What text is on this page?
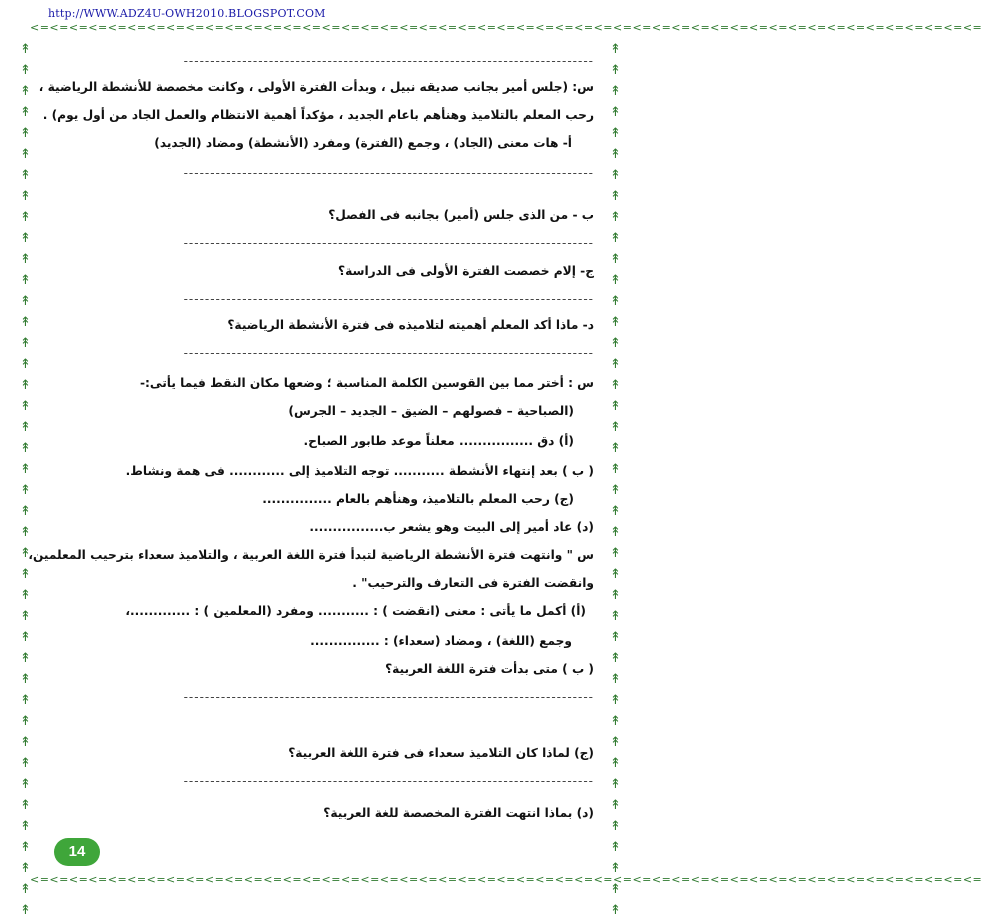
http://WWW.ADZ4U-OWH2010.BLOGSPOT.COM
<=<=<=<=<=<=<=<=<=<=<=<=<=<=<=<=<=<=<=<=<=<=<=<=<=<=<=<=<=<=<=<=<=<=<=<=<=<=<=<=<=<=<=<=<=<=<=<=<=
<=<=<=<=<=<=<=<=<=<=<=<=<=<=<=<=<=<=<=<=<=<=<=<=<=<=<=<=<=<=<=<=<=<=<=<=<=<=<=<=<=<=<=<=<=<=<=<=<=
↟↟↟↟↟↟↟↟↟↟↟↟↟↟↟↟↟↟↟↟↟↟↟↟↟↟↟↟↟↟↟↟↟↟↟↟↟↟↟↟↟↟	↟↟↟↟↟↟↟↟↟↟↟↟↟↟↟↟↟↟↟↟↟↟↟↟↟↟↟↟↟↟↟↟↟↟↟↟↟↟↟↟↟↟
-----------------------------------------------------------------------------
س: (جلس أمير بجانب صديقه نبيل ، وبدأت الفترة الأولى ، وكانت مخصصة للأنشطة الرياضية ،
رحب المعلم بالتلاميذ وهنأهم باعام الجديد ، مؤكداً أهمية الانتظام والعمل الجاد من أول يوم) .
أ- هات معنى (الجاد) ، وجمع (الفترة) ومفرد (الأنشطة) ومضاد (الجديد)
-----------------------------------------------------------------------------
ب - من الذى جلس (أمير) بجانبه فى الفصل؟
-----------------------------------------------------------------------------
ج- إلام خصصت الفترة الأولى فى الدراسة؟
-----------------------------------------------------------------------------
د- ماذا أكد المعلم أهميته لتلاميذه فى فترة الأنشطة الرياضية؟
-----------------------------------------------------------------------------
س : أختر مما بين القوسين الكلمة المناسبة ؛ وضعها مكان النقط فيما يأتى:-
(الصباحية – فصولهم – الضيق – الجديد – الجرس)
(أ) دق ................ معلناً موعد طابور الصباح.
( ب ) بعد إنتهاء الأنشطة ........... توجه التلاميذ إلى ............ فى همة ونشاط.
(ج) رحب المعلم بالتلاميذ، وهنأهم بالعام ...............
(د) عاد أمير إلى البيت وهو يشعر ب................
س " وانتهت فترة الأنشطة الرياضية لتبدأ فترة اللغة العربية ، والتلاميذ سعداء بترحيب المعلمين،
وانقضت الفترة فى التعارف والترحيب" .
(أ) أكمل ما يأتى : معنى (انقضت ) : ........... ومفرد (المعلمين ) : .............،
وجمع (اللغة) ، ومضاد (سعداء) : ...............
( ب ) متى بدأت فترة اللغة العربية؟
-----------------------------------------------------------------------------
(ج) لماذا كان التلاميذ سعداء فى فترة اللغة العربية؟
-----------------------------------------------------------------------------
(د) بماذا انتهت الفترة المخصصة للغة العربية؟
14
